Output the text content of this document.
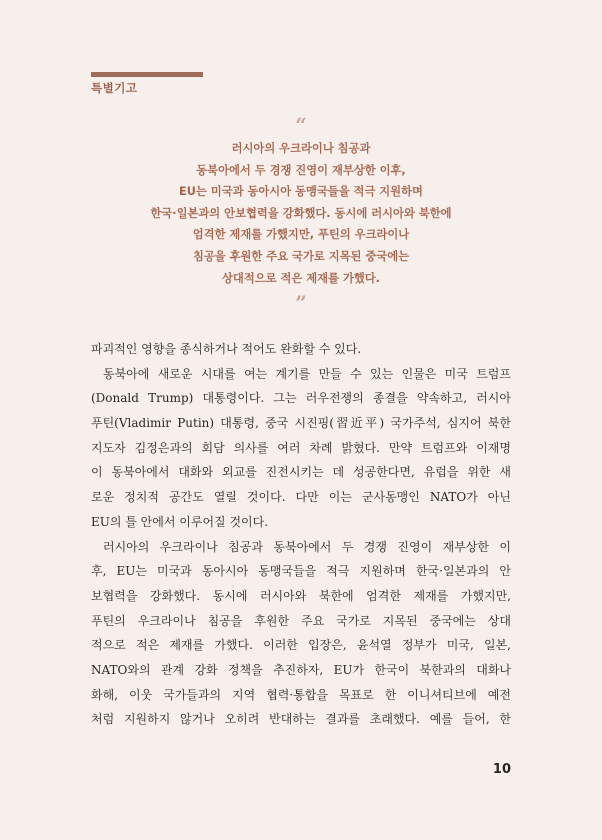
특별기고
“
러시아의 우크라이나 침공과
동북아에서 두 경쟁 진영이 재부상한 이후,
EU는 미국과 동아시아 동맹국들을 적극 지원하며
한국·일본과의 안보협력을 강화했다. 동시에 러시아와 북한에
엄격한 제재를 가했지만, 푸틴의 우크라이나
침공을 후원한 주요 국가로 지목된 중국에는
상대적으로 적은 제재를 가했다.
”
파괴적인 영향을 종식하거나 적어도 완화할 수 있다.
동북아에 새로운 시대를 여는 계기를 만들 수 있는 인물은 미국 트럼프
(Donald Trump) 대통령이다. 그는 러우전쟁의 종결을 약속하고, 러시아
푸틴(Vladimir Putin) 대통령, 중국 시진핑(習近平) 국가주석, 심지어 북한
지도자 김정은과의 회담 의사를 여러 차례 밝혔다. 만약 트럼프와 이재명
이 동북아에서 대화와 외교를 진전시키는 데 성공한다면, 유럽을 위한 새
로운 정치적 공간도 열릴 것이다. 다만 이는 군사동맹인 NATO가 아닌
EU의 틀 안에서 이루어질 것이다.
러시아의 우크라이나 침공과 동북아에서 두 경쟁 진영이 재부상한 이
후, EU는 미국과 동아시아 동맹국들을 적극 지원하며 한국·일본과의 안
보협력을 강화했다. 동시에 러시아와 북한에 엄격한 제재를 가했지만,
푸틴의 우크라이나 침공을 후원한 주요 국가로 지목된 중국에는 상대
적으로 적은 제재를 가했다. 이러한 입장은, 윤석열 정부가 미국, 일본,
NATO와의 관계 강화 정책을 추진하자, EU가 한국이 북한과의 대화나
화해, 이웃 국가들과의 지역 협력·통합을 목표로 한 이니셔티브에 예전
처럼 지원하지 않거나 오히려 반대하는 결과를 초래했다. 예를 들어, 한
10
